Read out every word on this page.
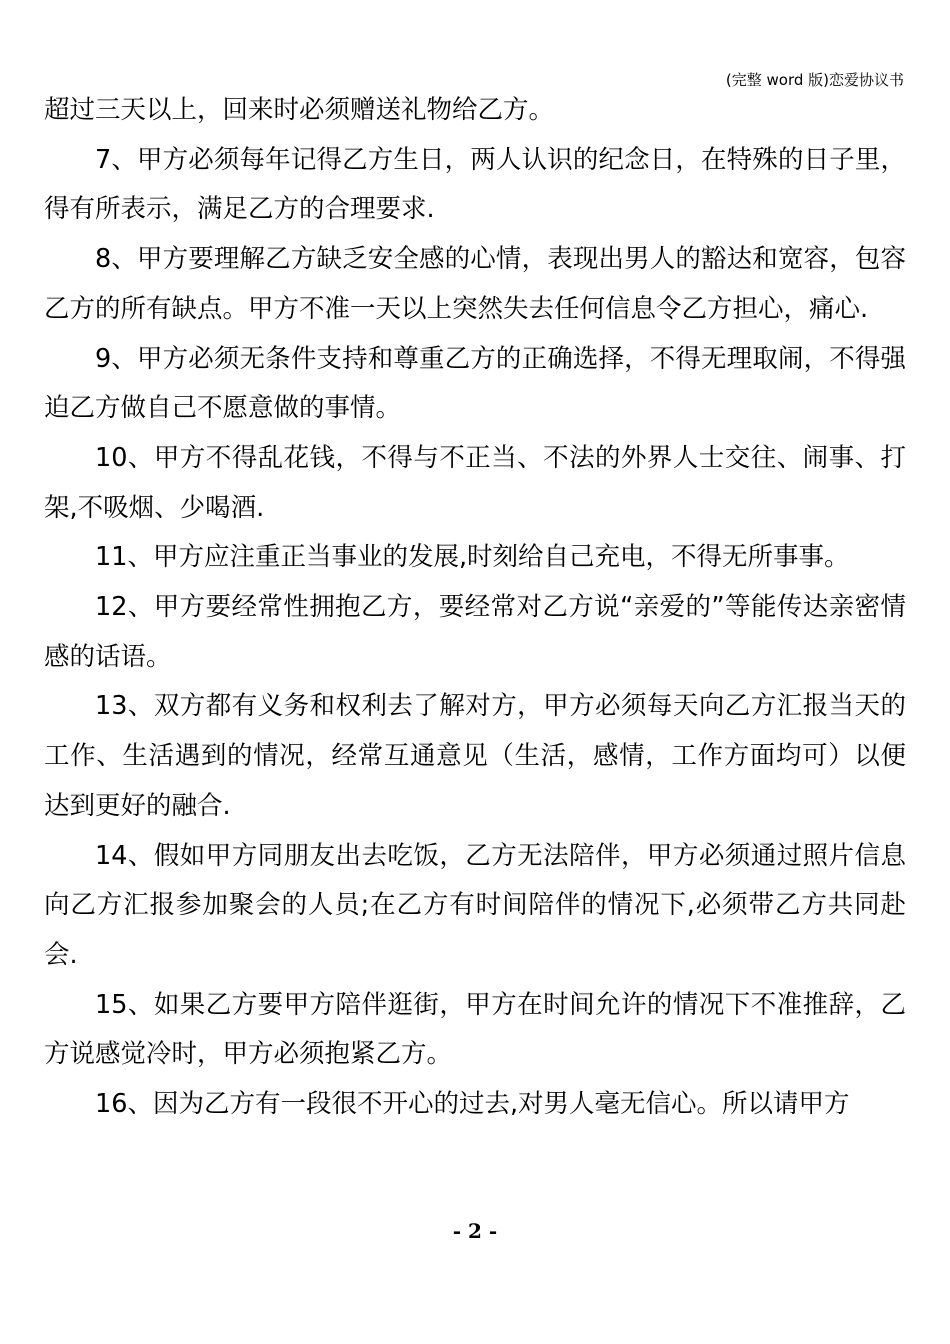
(完整 word 版)恋爱协议书

超过三天以上，回来时必须赠送礼物给乙方。

7、甲方必须每年记得乙方生日，两人认识的纪念日，在特殊的日子里，得有所表示，满足乙方的合理要求.

8、甲方要理解乙方缺乏安全感的心情，表现出男人的豁达和宽容，包容乙方的所有缺点。甲方不准一天以上突然失去任何信息令乙方担心，痛心.

9、甲方必须无条件支持和尊重乙方的正确选择，不得无理取闹，不得强迫乙方做自己不愿意做的事情。

10、甲方不得乱花钱，不得与不正当、不法的外界人士交往、闹事、打架,不吸烟、少喝酒.

11、甲方应注重正当事业的发展,时刻给自己充电，不得无所事事。

12、甲方要经常性拥抱乙方，要经常对乙方说“亲爱的”等能传达亲密情感的话语。

13、双方都有义务和权利去了解对方，甲方必须每天向乙方汇报当天的工作、生活遇到的情况，经常互通意见（生活，感情，工作方面均可）以便达到更好的融合.

14、假如甲方同朋友出去吃饭，乙方无法陪伴，甲方必须通过照片信息向乙方汇报参加聚会的人员;在乙方有时间陪伴的情况下,必须带乙方共同赴会.

15、如果乙方要甲方陪伴逛街，甲方在时间允许的情况下不准推辞，乙方说感觉冷时，甲方必须抱紧乙方。

16、因为乙方有一段很不开心的过去,对男人毫无信心。所以请甲方

- 2 -
